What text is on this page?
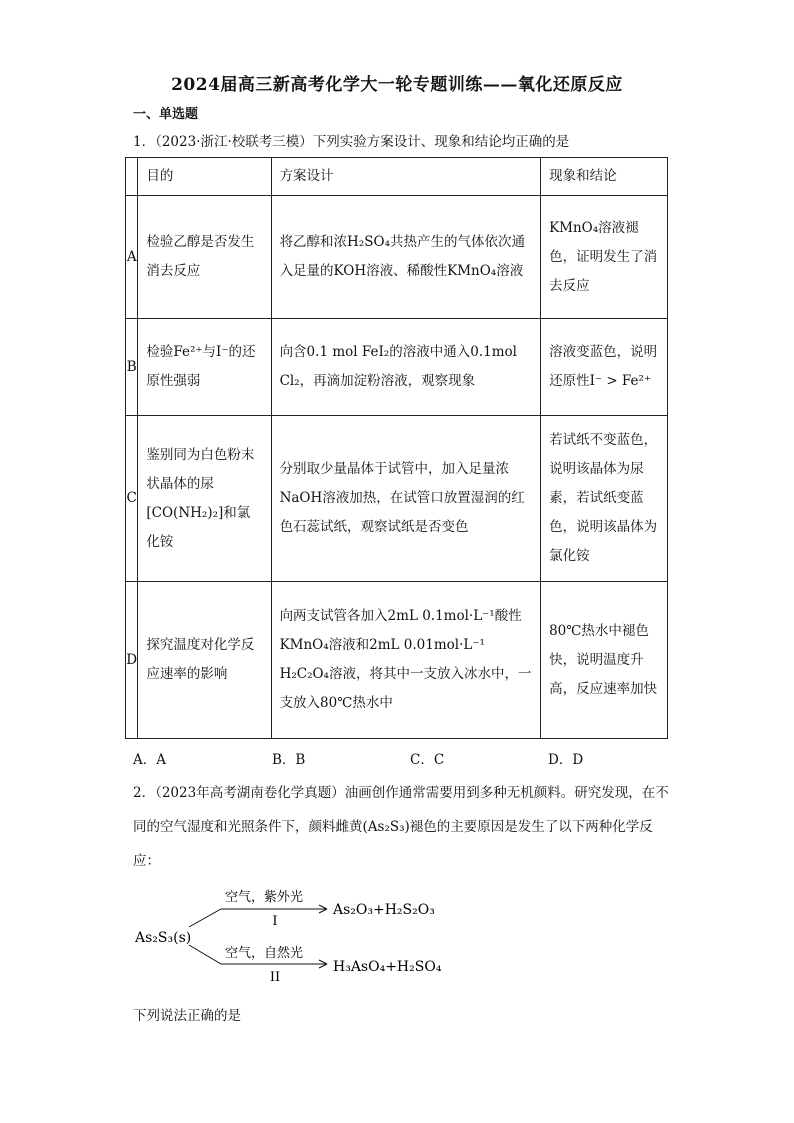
2024届高三新高考化学大一轮专题训练——氧化还原反应
一、单选题
1．（2023·浙江·校联考三模）下列实验方案设计、现象和结论均正确的是
	目的	方案设计	现象和结论
A	检验乙醇是否发生消去反应	将乙醇和浓H₂SO₄共热产生的气体依次通入足量的KOH溶液、稀酸性KMnO₄溶液	KMnO₄溶液褪色，证明发生了消去反应
B	检验Fe²⁺与I⁻的还原性强弱	向含0.1 mol FeI₂的溶液中通入0.1mol Cl₂，再滴加淀粉溶液，观察现象	溶液变蓝色，说明还原性I⁻ > Fe²⁺
C	鉴别同为白色粉末状晶体的尿[CO(NH₂)₂]和氯化铵	分别取少量晶体于试管中，加入足量浓NaOH溶液加热，在试管口放置湿润的红色石蕊试纸，观察试纸是否变色	若试纸不变蓝色，说明该晶体为尿素，若试纸变蓝色，说明该晶体为氯化铵
D	探究温度对化学反应速率的影响	向两支试管各加入2mL 0.1mol·L⁻¹酸性KMnO₄溶液和2mL 0.01mol·L⁻¹ H₂C₂O₄溶液，将其中一支放入冰水中，一支放入80℃热水中	80℃热水中褪色快，说明温度升高，反应速率加快
A．A	B．B	C．C	D．D
2．（2023年高考湖南卷化学真题）油画创作通常需要用到多种无机颜料。研究发现，在不同的空气湿度和光照条件下，颜料雌黄(As₂S₃)褪色的主要原因是发生了以下两种化学反应：
As₂S₃(s)
空气，紫外光
I
As₂O₃+H₂S₂O₃
空气，自然光
II
H₃AsO₄+H₂SO₄
下列说法正确的是
